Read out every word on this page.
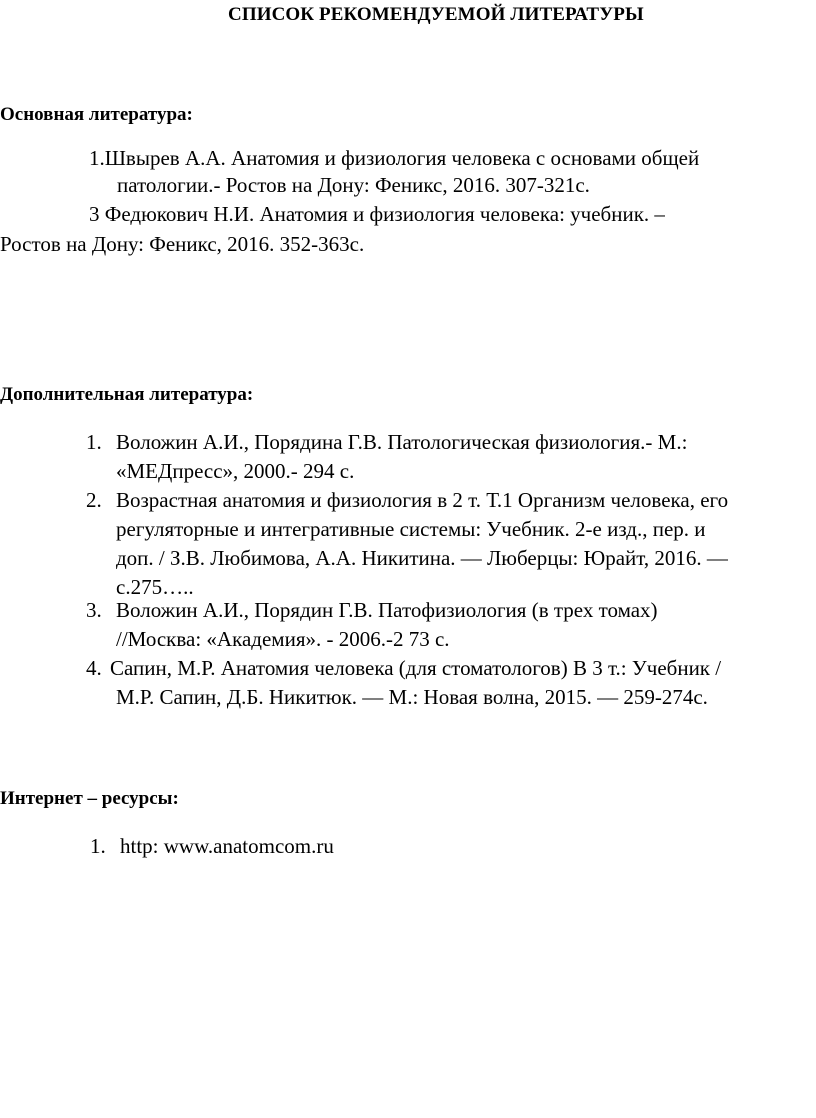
СПИСОК РЕКОМЕНДУЕМОЙ ЛИТЕРАТУРЫ
Основная литература:
1.Швырев А.А. Анатомия и физиология человека с основами общей
патологии.- Ростов на Дону: Феникс, 2016. 307-321с.
3 Федюкович Н.И. Анатомия и физиология человека: учебник. –
Ростов на Дону: Феникс, 2016. 352-363с.
Дополнительная литература:
1. Воложин А.И., Порядина Г.В. Патологическая физиология.- М.:
«МЕДпресс», 2000.- 294 с.
2. Возрастная анатомия и физиология в 2 т. Т.1 Организм человека, его
регуляторные и интегративные системы: Учебник. 2-е изд., пер. и
доп. / З.В. Любимова, А.А. Никитина. — Люберцы: Юрайт, 2016. —
с.275…..
3. Воложин А.И., Порядин Г.В. Патофизиология (в трех томах)
//Москва: «Академия». - 2006.-2 73 с.
4. Сапин, М.Р. Анатомия человека (для стоматологов) В 3 т.: Учебник /
М.Р. Сапин, Д.Б. Никитюк. — М.: Новая волна, 2015. — 259-274с.
Интернет – ресурсы:
1. http: www.anatomcom.ru
